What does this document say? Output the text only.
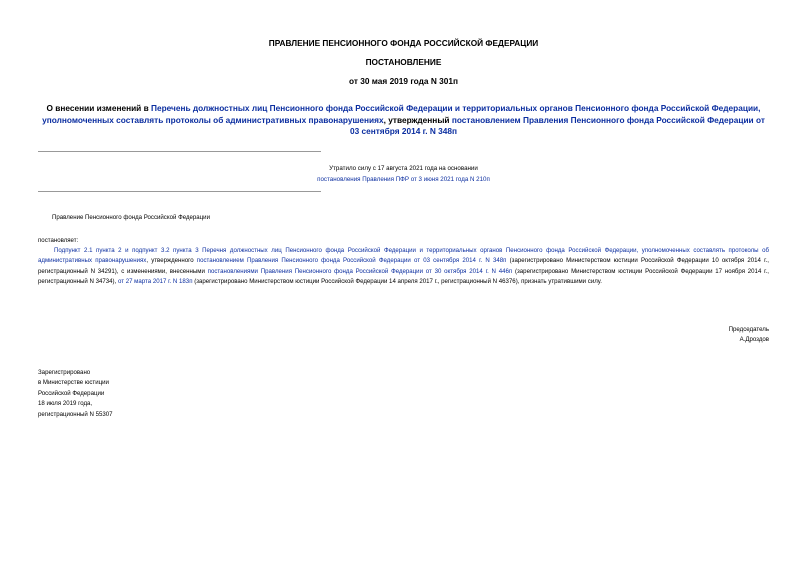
ПРАВЛЕНИЕ ПЕНСИОННОГО ФОНДА РОССИЙСКОЙ ФЕДЕРАЦИИ
ПОСТАНОВЛЕНИЕ
от 30 мая 2019 года N 301п
О внесении изменений в Перечень должностных лиц Пенсионного фонда Российской Федерации и территориальных органов Пенсионного фонда Российской Федерации, уполномоченных составлять протоколы об административных правонарушениях, утвержденный постановлением Правления Пенсионного фонда Российской Федерации от 03 сентября 2014 г. N 348п
Утратило силу с 17 августа 2021 года на основании
постановления Правления ПФР от 3 июня 2021 года N 210п
Правление Пенсионного фонда Российской Федерации
постановляет:
Подпункт 2.1 пункта 2 и подпункт 3.2 пункта 3 Перечня должностных лиц Пенсионного фонда Российской Федерации и территориальных органов Пенсионного фонда Российской Федерации, уполномоченных составлять протоколы об административных правонарушениях, утвержденного постановлением Правления Пенсионного фонда Российской Федерации от 03 сентября 2014 г. N 348п (зарегистрировано Министерством юстиции Российской Федерации 10 октября 2014 г., регистрационный N 34291), с изменениями, внесенными постановлениями Правления Пенсионного фонда Российской Федерации от 30 октября 2014 г. N 446п (зарегистрировано Министерством юстиции Российской Федерации 17 ноября 2014 г., регистрационный N 34734), от 27 марта 2017 г. N 183п (зарегистрировано Министерством юстиции Российской Федерации 14 апреля 2017 г., регистрационный N 46376), признать утратившими силу.
Председатель
А.Дроздов
Зарегистрировано
в Министерстве юстиции
Российской Федерации
18 июля 2019 года,
регистрационный N 55307
